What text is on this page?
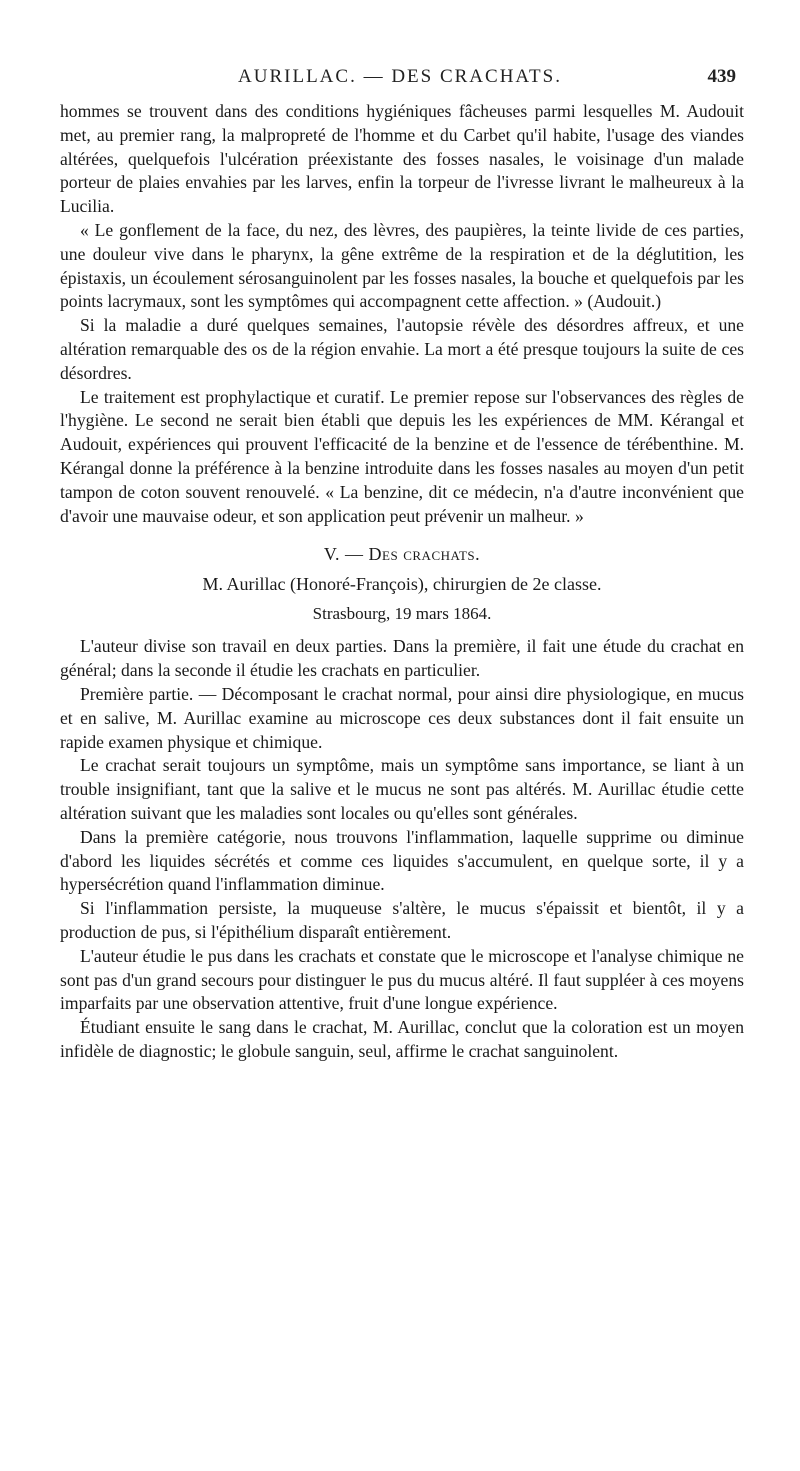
AURILLAC. — DES CRACHATS.	439

hommes se trouvent dans des conditions hygiéniques fâcheuses parmi lesquelles M. Audouit met, au premier rang, la malpropreté de l'homme et du Carbet qu'il habite, l'usage des viandes altérées, quelquefois l'ulcération préexistante des fosses nasales, le voisinage d'un malade porteur de plaies envahies par les larves, enfin la torpeur de l'ivresse livrant le malheureux à la Lucilia.

« Le gonflement de la face, du nez, des lèvres, des paupières, la teinte livide de ces parties, une douleur vive dans le pharynx, la gêne extrême de la respiration et de la déglutition, les épistaxis, un écoulement sérosanguinolent par les fosses nasales, la bouche et quelquefois par les points lacrymaux, sont les symptômes qui accompagnent cette affection. » (Audouit.)

Si la maladie a duré quelques semaines, l'autopsie révèle des désordres affreux, et une altération remarquable des os de la région envahie. La mort a été presque toujours la suite de ces désordres.

Le traitement est prophylactique et curatif. Le premier repose sur l'observances des règles de l'hygiène. Le second ne serait bien établi que depuis les les expériences de MM. Kérangal et Audouit, expériences qui prouvent l'efficacité de la benzine et de l'essence de térébenthine. M. Kérangal donne la préférence à la benzine introduite dans les fosses nasales au moyen d'un petit tampon de coton souvent renouvelé. « La benzine, dit ce médecin, n'a d'autre inconvénient que d'avoir une mauvaise odeur, et son application peut prévenir un malheur. »

V. — Des crachats.
M. Aurillac (Honoré-François), chirurgien de 2e classe.
Strasbourg, 19 mars 1864.

L'auteur divise son travail en deux parties. Dans la première, il fait une étude du crachat en général; dans la seconde il étudie les crachats en particulier.

Première partie. — Décomposant le crachat normal, pour ainsi dire physiologique, en mucus et en salive, M. Aurillac examine au microscope ces deux substances dont il fait ensuite un rapide examen physique et chimique.

Le crachat serait toujours un symptôme, mais un symptôme sans importance, se liant à un trouble insignifiant, tant que la salive et le mucus ne sont pas altérés. M. Aurillac étudie cette altération suivant que les maladies sont locales ou qu'elles sont générales.

Dans la première catégorie, nous trouvons l'inflammation, laquelle supprime ou diminue d'abord les liquides sécrétés et comme ces liquides s'accumulent, en quelque sorte, il y a hypersécrétion quand l'inflammation diminue.

Si l'inflammation persiste, la muqueuse s'altère, le mucus s'épaissit et bientôt, il y a production de pus, si l'épithélium disparaît entièrement.

L'auteur étudie le pus dans les crachats et constate que le microscope et l'analyse chimique ne sont pas d'un grand secours pour distinguer le pus du mucus altéré. Il faut suppléer à ces moyens imparfaits par une observation attentive, fruit d'une longue expérience.

Étudiant ensuite le sang dans le crachat, M. Aurillac, conclut que la coloration est un moyen infidèle de diagnostic; le globule sanguin, seul, affirme le crachat sanguinolent.
